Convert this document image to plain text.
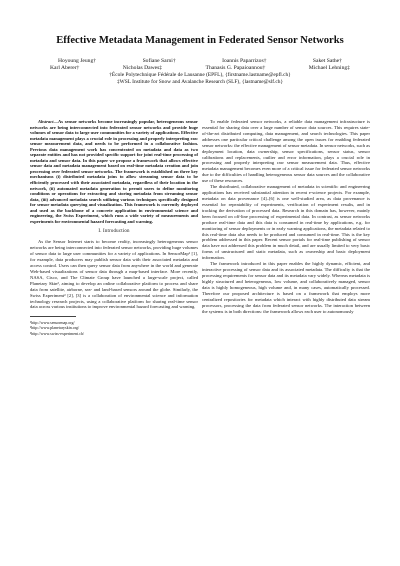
Effective Metadata Management in Federated Sensor Networks
Hoyoung Jeung†	Sofiane Sarni†	Ioannis Paparrizos†	Saket Sathe†
Karl Aberer†	Nicholas Dawes‡	Thanasis G. Papaioannou†	Michael Lehning‡
†École Polytechnique Fédérale de Lausanne (EPFL), {firstname.lastname@epfl.ch}
‡WSL Institute for Snow and Avalanche Research (SLF), {lastname@slf.ch}

Abstract—As sensor networks become increasingly popular, heterogeneous sensor networks are being interconnected into federated sensor networks and provide huge volumes of sensor data to large user communities for a variety of applications. Effective metadata management plays a crucial role in processing and properly interpreting raw sensor measurement data, and needs to be performed in a collaborative fashion. Previous data management work has concentrated on metadata and data as two separate entities and has not provided specific support for joint real-time processing of metadata and sensor data. In this paper we propose a framework that allows effective sensor data and metadata management based on real-time metadata creation and join processing over federated sensor networks. The framework is established on three key mechanisms (i) distributed metadata joins to allow streaming sensor data to be efficiently processed with their associated metadata, regardless of their location in the network, (ii) automated metadata generation to permit users to define monitoring conditions or operations for extracting and storing metadata from streaming sensor data, (iii) advanced metadata search utilizing various techniques specifically designed for sensor metadata querying and visualization. This framework is currently deployed and used as the backbone of a concrete application in environmental science and engineering, the Swiss Experiment, which runs a wide variety of measurements and experiments for environmental hazard forecasting and warning.

I. Introduction

As the Sensor Internet starts to become reality, increasingly heterogeneous sensor networks are being interconnected into federated sensor networks, providing huge volumes of sensor data to large user communities for a variety of applications. In SensorMap¹ [1], for example, data producers may publish sensor data with their associated metadata and access control. Users can then query sensor data from anywhere in the world and generate Web-based visualizations of sensor data through a map-based interface. More recently, NASA, Cisco, and The Climate Group have launched a large-scale project, called Planetary Skin², aiming to develop an online collaborative platform to process and share data from satellite, airborne, sea- and land-based sensors around the globe. Similarly, the Swiss Experiment³ [2], [3] is a collaboration of environmental science and information technology research projects, using a collaborative platform for sharing real-time sensor data across various institutions to improve environmental hazard forecasting and warning.

¹http://www.sensormap.org/

²http://www.planetaryskin.org/

³http://www.swiss-experiment.ch/

To enable federated sensor networks, a reliable data management infrastructure is essential for sharing data over a large number of sensor data sources. This requires state-of-the-art distributed computing, data management, and search technologies. This paper addresses one particular critical challenge among the open issues for enabling federated sensor networks: the effective management of sensor metadata. In sensor networks, such as deployment location, data ownership, sensor specifications, sensor status, sensor calibrations and replacements, outlier and error information, plays a crucial role in processing and properly interpreting raw sensor measurement data. Thus, effective metadata management becomes even more of a critical issue for federated sensor networks due to the difficulties of handling heterogeneous sensor data sources and the collaborative use of these resources.

The distributed, collaborative management of metadata in scientific and engineering applications has received substantial attention in recent e-science projects. For example, metadata on data provenance [4]–[6] is one well-studied area, as data provenance is essential for repeatability of experiments, verification of experiment results, and in tracking the derivation of processed data. Research in this domain has, however, mainly been focused on off-line processing of experimental data. In contrast, as sensor networks produce real-time data and this data is consumed in real-time by applications, e.g. for monitoring of sensor deployments or in early warning applications, the metadata related to this real-time data also needs to be produced and consumed in real-time. This is the key problem addressed in this paper. Recent sensor portals for real-time publishing of sensor data have not addressed this problem in much detail, and are usually limited to very basic forms of unstructured and static metadata, such as ownership and basic deployment information.

The framework introduced in this paper enables the highly dynamic, efficient, and interactive processing of sensor data and its associated metadata. The difficulty is that the processing requirements for sensor data and its metadata vary widely. Whereas metadata is highly structured and heterogeneous, low volume, and collaboratively managed, sensor data is highly homogeneous, high volume and, in many cases, automatically processed. Therefore our proposed architecture is based on a framework that employs more centralized repositories for metadata which interact with highly distributed data stream processors, processing the data from federated sensor networks. The interaction between the systems is in both directions: the framework allows each user to autonomously
